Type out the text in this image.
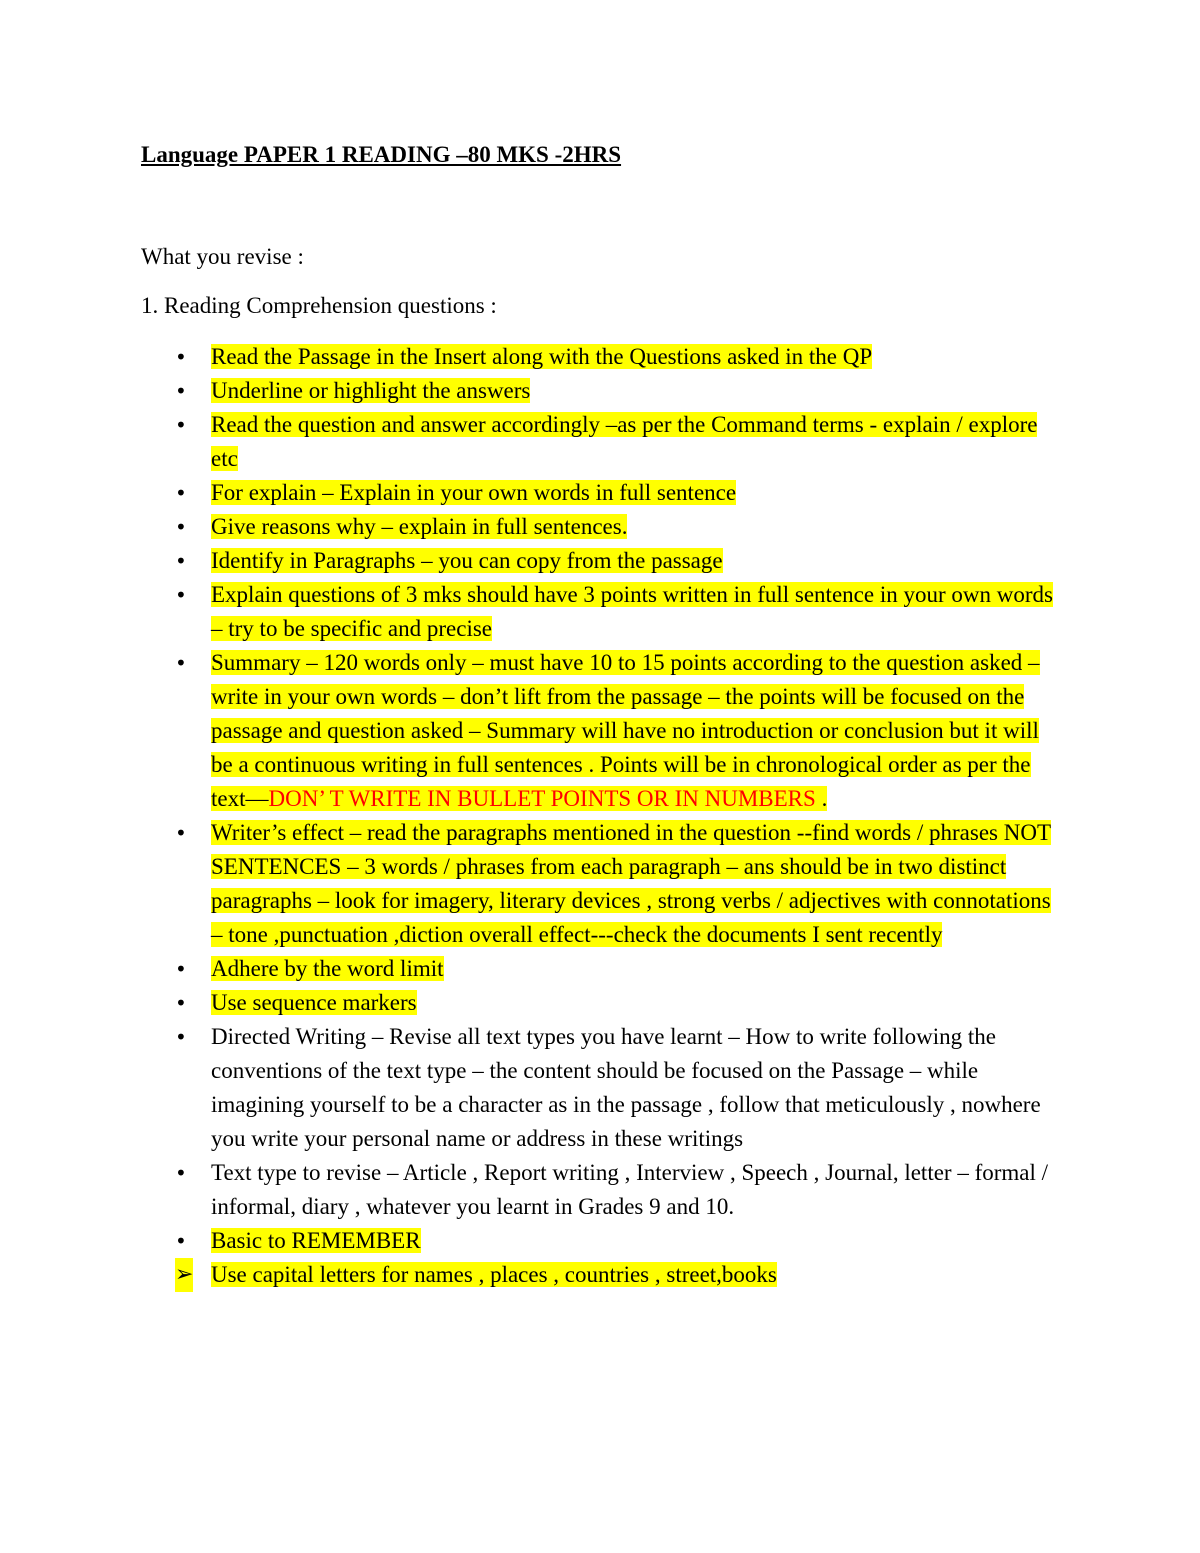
Language PAPER 1 READING –80 MKS -2HRS
What you revise :
1. Reading Comprehension questions :
• Read the Passage in the Insert along with the Questions asked in the QP
• Underline or highlight the answers
• Read the question and answer accordingly –as per the Command terms - explain / explore etc
• For explain – Explain in your own words in full sentence
• Give reasons why – explain in full sentences.
• Identify in Paragraphs – you can copy from the passage
• Explain questions of 3 mks should have 3 points written in full sentence in your own words – try to be specific and precise
• Summary – 120 words only – must have 10 to 15 points according to the question asked – write in your own words – don’t lift from the passage – the points will be focused on the passage and question asked – Summary will have no introduction or conclusion but it will be a continuous writing in full sentences . Points will be in chronological order as per the text—DON’ T WRITE IN BULLET POINTS OR IN NUMBERS .
• Writer’s effect – read the paragraphs mentioned in the question --find words / phrases NOT SENTENCES – 3 words / phrases from each paragraph – ans should be in two distinct paragraphs – look for imagery, literary devices , strong verbs / adjectives with connotations – tone ,punctuation ,diction overall effect---check the documents I sent recently
• Adhere by the word limit
• Use sequence markers
• Directed Writing – Revise all text types you have learnt – How to write following the conventions of the text type – the content should be focused on the Passage – while imagining yourself to be a character as in the passage , follow that meticulously , nowhere you write your personal name or address in these writings
• Text type to revise – Article , Report writing , Interview , Speech , Journal, letter – formal / informal, diary , whatever you learnt in Grades 9 and 10.
• Basic to REMEMBER
➢ Use capital letters for names , places , countries , street,books
